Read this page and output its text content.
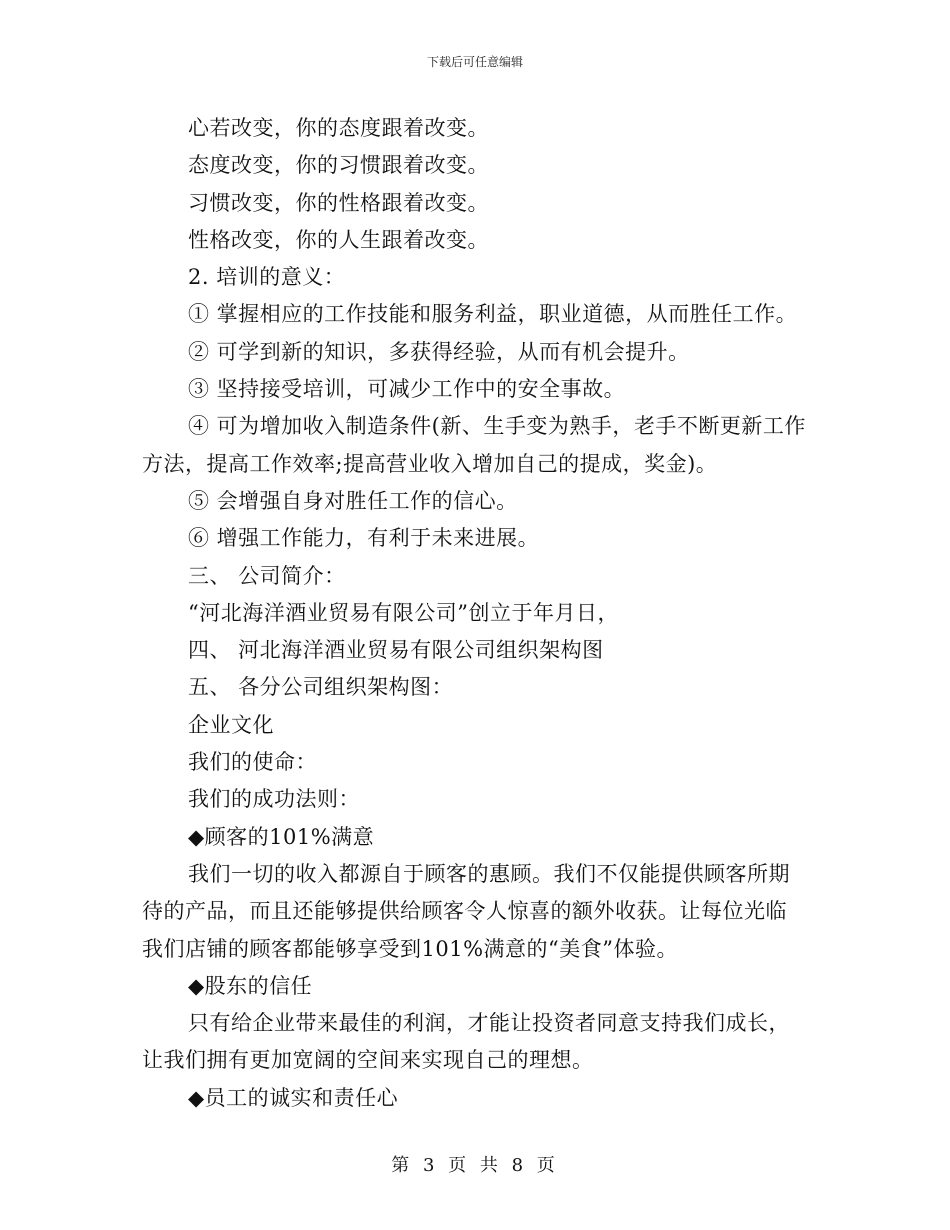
下载后可任意编辑

心若改变，你的态度跟着改变。

态度改变，你的习惯跟着改变。

习惯改变，你的性格跟着改变。

性格改变，你的人生跟着改变。

2. 培训的意义：

① 掌握相应的工作技能和服务利益，职业道德，从而胜任工作。

② 可学到新的知识，多获得经验，从而有机会提升。

③ 坚持接受培训，可减少工作中的安全事故。

④ 可为增加收入制造条件(新、生手变为熟手，老手不断更新工作方法，提高工作效率;提高营业收入增加自己的提成，奖金)。

⑤ 会增强自身对胜任工作的信心。

⑥ 增强工作能力，有利于未来进展。

三、 公司简介：

“河北海洋酒业贸易有限公司”创立于年月日，

四、 河北海洋酒业贸易有限公司组织架构图

五、 各分公司组织架构图：

企业文化

我们的使命：

我们的成功法则：

◆顾客的101%满意

我们一切的收入都源自于顾客的惠顾。我们不仅能提供顾客所期待的产品，而且还能够提供给顾客令人惊喜的额外收获。让每位光临我们店铺的顾客都能够享受到101%满意的“美食”体验。

◆股东的信任

只有给企业带来最佳的利润，才能让投资者同意支持我们成长，让我们拥有更加宽阔的空间来实现自己的理想。

◆员工的诚实和责任心

第 3 页 共 8 页
